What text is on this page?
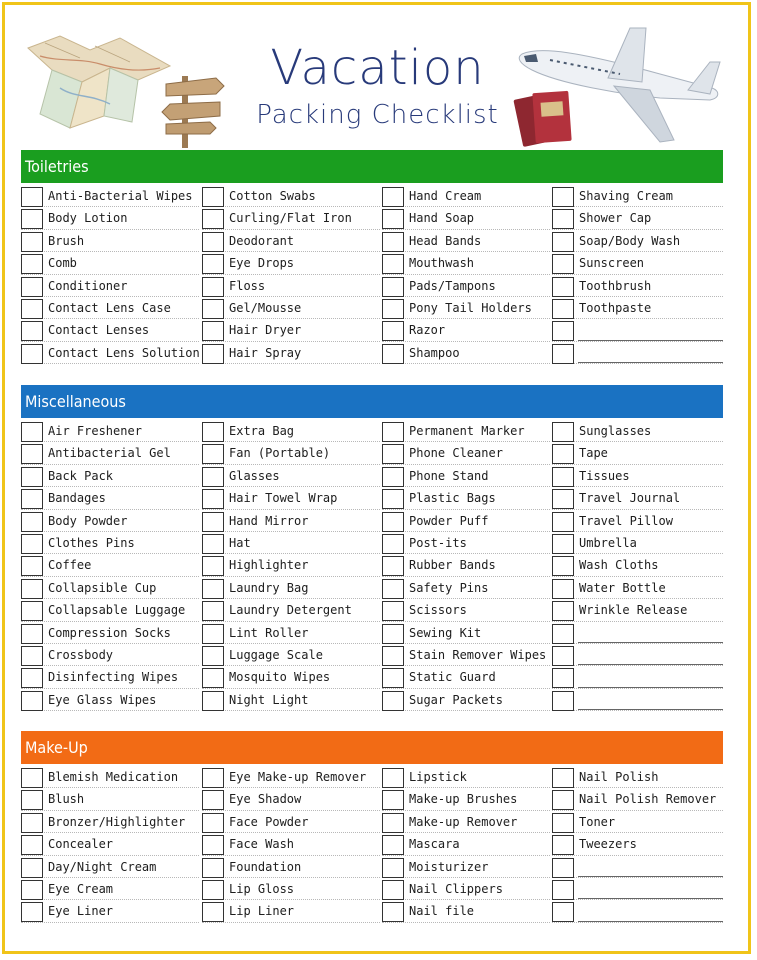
Vacation
Packing Checklist
Toiletries
Anti-Bacterial Wipes
Body Lotion
Brush
Comb
Conditioner
Contact Lens Case
Contact Lenses
Contact Lens Solution
Cotton Swabs
Curling/Flat Iron
Deodorant
Eye Drops
Floss
Gel/Mousse
Hair Dryer
Hair Spray
Hand Cream
Hand Soap
Head Bands
Mouthwash
Pads/Tampons
Pony Tail Holders
Razor
Shampoo
Shaving Cream
Shower Cap
Soap/Body Wash
Sunscreen
Toothbrush
Toothpaste
Miscellaneous
Air Freshener
Antibacterial Gel
Back Pack
Bandages
Body Powder
Clothes Pins
Coffee
Collapsible Cup
Collapsable Luggage
Compression Socks
Crossbody
Disinfecting Wipes
Eye Glass Wipes
Extra Bag
Fan (Portable)
Glasses
Hair Towel Wrap
Hand Mirror
Hat
Highlighter
Laundry Bag
Laundry Detergent
Lint Roller
Luggage Scale
Mosquito Wipes
Night Light
Permanent Marker
Phone Cleaner
Phone Stand
Plastic Bags
Powder Puff
Post-its
Rubber Bands
Safety Pins
Scissors
Sewing Kit
Stain Remover Wipes
Static Guard
Sugar Packets
Sunglasses
Tape
Tissues
Travel Journal
Travel Pillow
Umbrella
Wash Cloths
Water Bottle
Wrinkle Release
Make-Up
Blemish Medication
Blush
Bronzer/Highlighter
Concealer
Day/Night Cream
Eye Cream
Eye Liner
Eye Make-up Remover
Eye Shadow
Face Powder
Face Wash
Foundation
Lip Gloss
Lip Liner
Lipstick
Make-up Brushes
Make-up Remover
Mascara
Moisturizer
Nail Clippers
Nail file
Nail Polish
Nail Polish Remover
Toner
Tweezers
